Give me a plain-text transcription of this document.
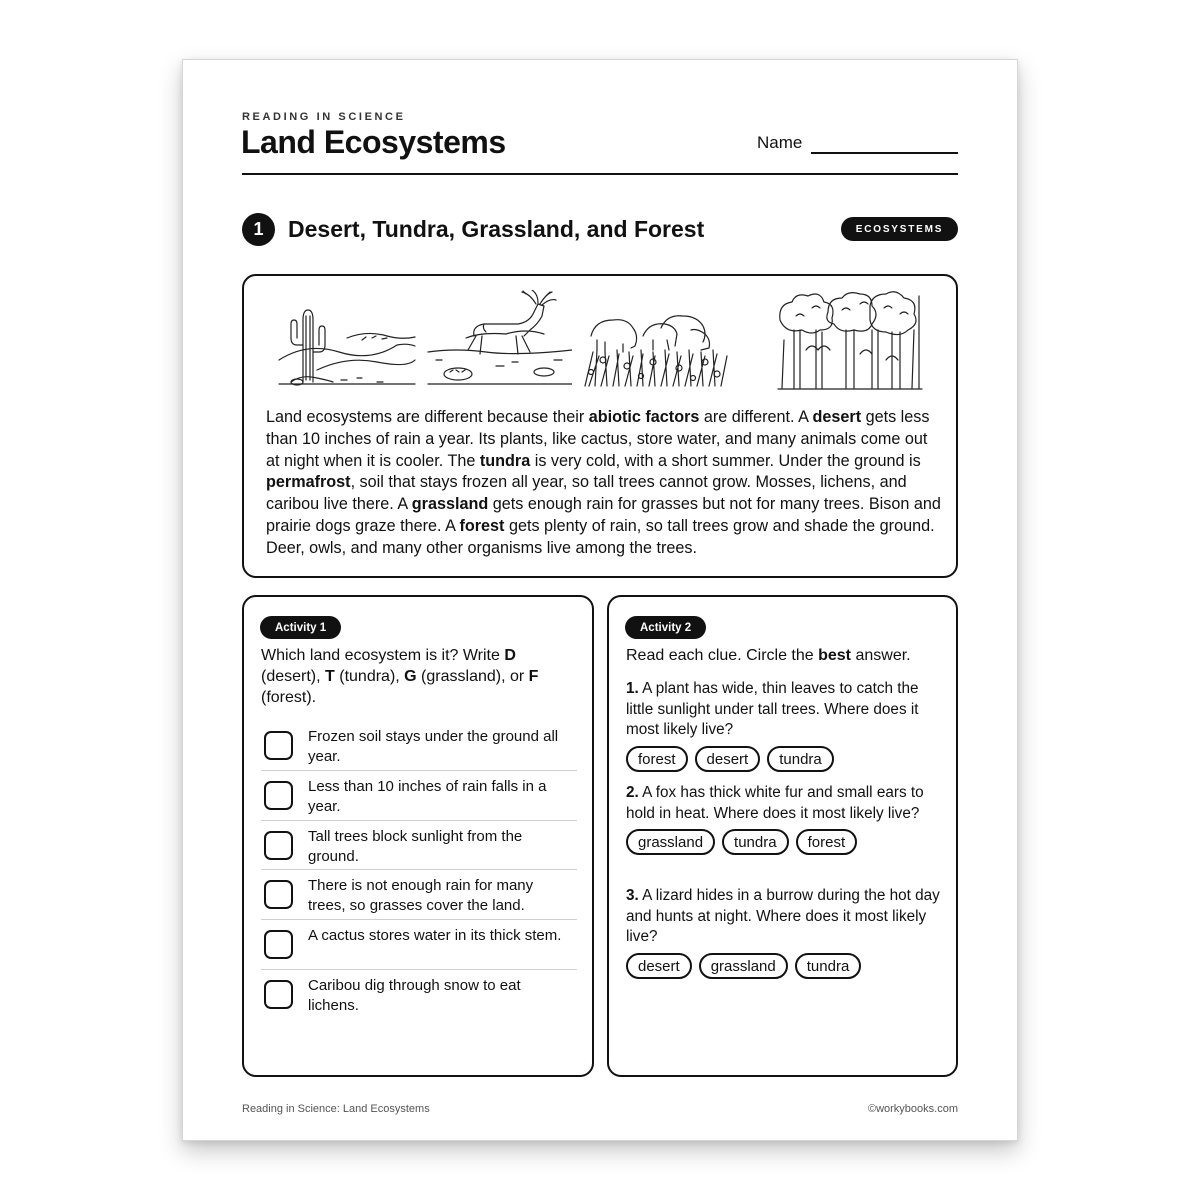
READING IN SCIENCE
Land Ecosystems	Name
1	Desert, Tundra, Grassland, and Forest	ECOSYSTEMS
Land ecosystems are different because their abiotic factors are different. A desert gets less than 10 inches of rain a year. Its plants, like cactus, store water, and many animals come out at night when it is cooler. The tundra is very cold, with a short summer. Under the ground is permafrost, soil that stays frozen all year, so tall trees cannot grow. Mosses, lichens, and caribou live there. A grassland gets enough rain for grasses but not for many trees. Bison and prairie dogs graze there. A forest gets plenty of rain, so tall trees grow and shade the ground. Deer, owls, and many other organisms live among the trees.
Activity 1
Which land ecosystem is it? Write D (desert), T (tundra), G (grassland), or F (forest).
Frozen soil stays under the ground all year.
Less than 10 inches of rain falls in a year.
Tall trees block sunlight from the ground.
There is not enough rain for many trees, so grasses cover the land.
A cactus stores water in its thick stem.
Caribou dig through snow to eat lichens.
Activity 2
Read each clue. Circle the best answer.
1. A plant has wide, thin leaves to catch the little sunlight under tall trees. Where does it most likely live?
forest	desert	tundra
2. A fox has thick white fur and small ears to hold in heat. Where does it most likely live?
grassland	tundra	forest
3. A lizard hides in a burrow during the hot day and hunts at night. Where does it most likely live?
desert	grassland	tundra
Reading in Science: Land Ecosystems	©workybooks.com
